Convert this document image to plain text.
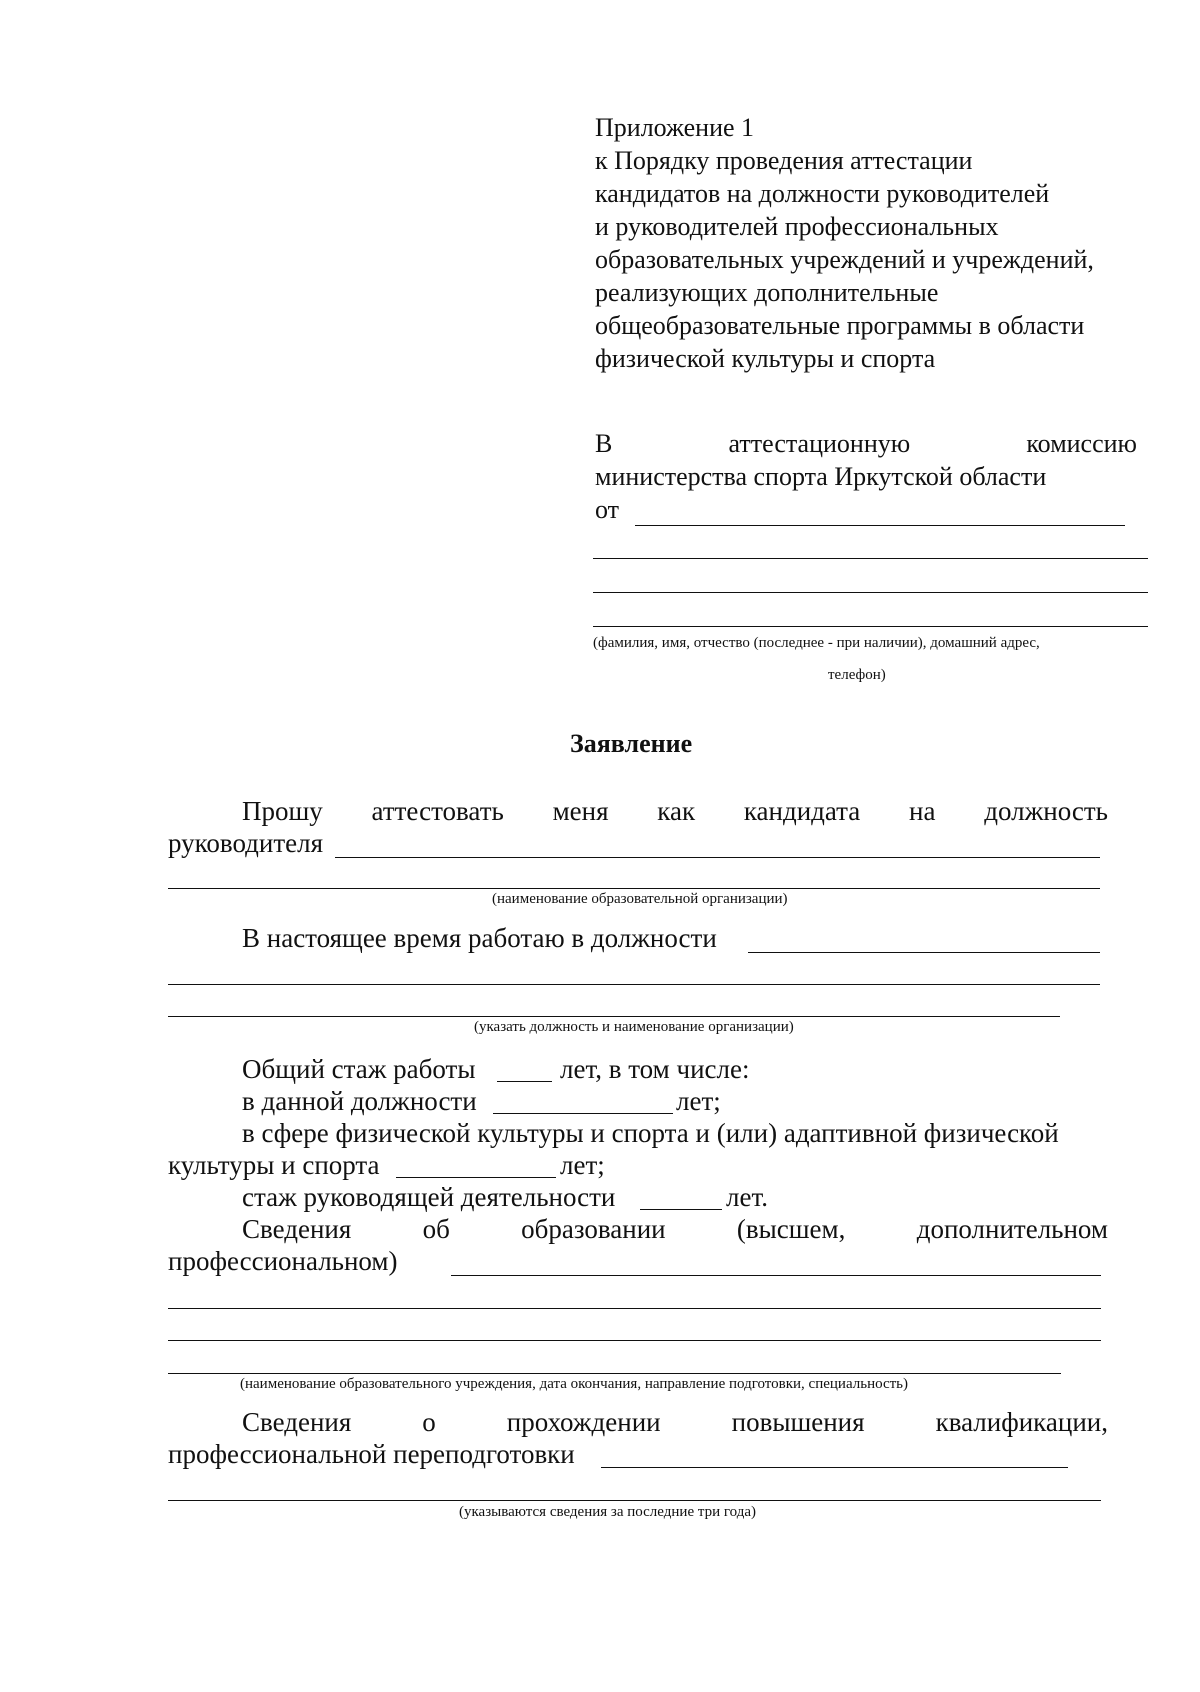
Приложение 1
к Порядку проведения аттестации
кандидатов на должности руководителей
и руководителей профессиональных
образовательных учреждений и учреждений,
реализующих дополнительные
общеобразовательные программы в области
физической культуры и спорта
В	аттестационную	комиссию
министерства спорта Иркутской области
от
(фамилия, имя, отчество (последнее - при наличии), домашний адрес,
телефон)
Заявление
Прошу аттестовать меня как кандидата на должность
руководителя
(наименование образовательной организации)
В настоящее время работаю в должности
(указать должность и наименование организации)
Общий стаж работы	лет, в том числе:
в данной должности	лет;
в сфере физической культуры и спорта и (или) адаптивной физической
культуры и спорта	лет;
стаж руководящей деятельности	лет.
Сведения	об	образовании	(высшем,	дополнительном
профессиональном)
(наименование образовательного учреждения, дата окончания, направление подготовки, специальность)
Сведения	о	прохождении	повышения	квалификации,
профессиональной переподготовки
(указываются сведения за последние три года)
